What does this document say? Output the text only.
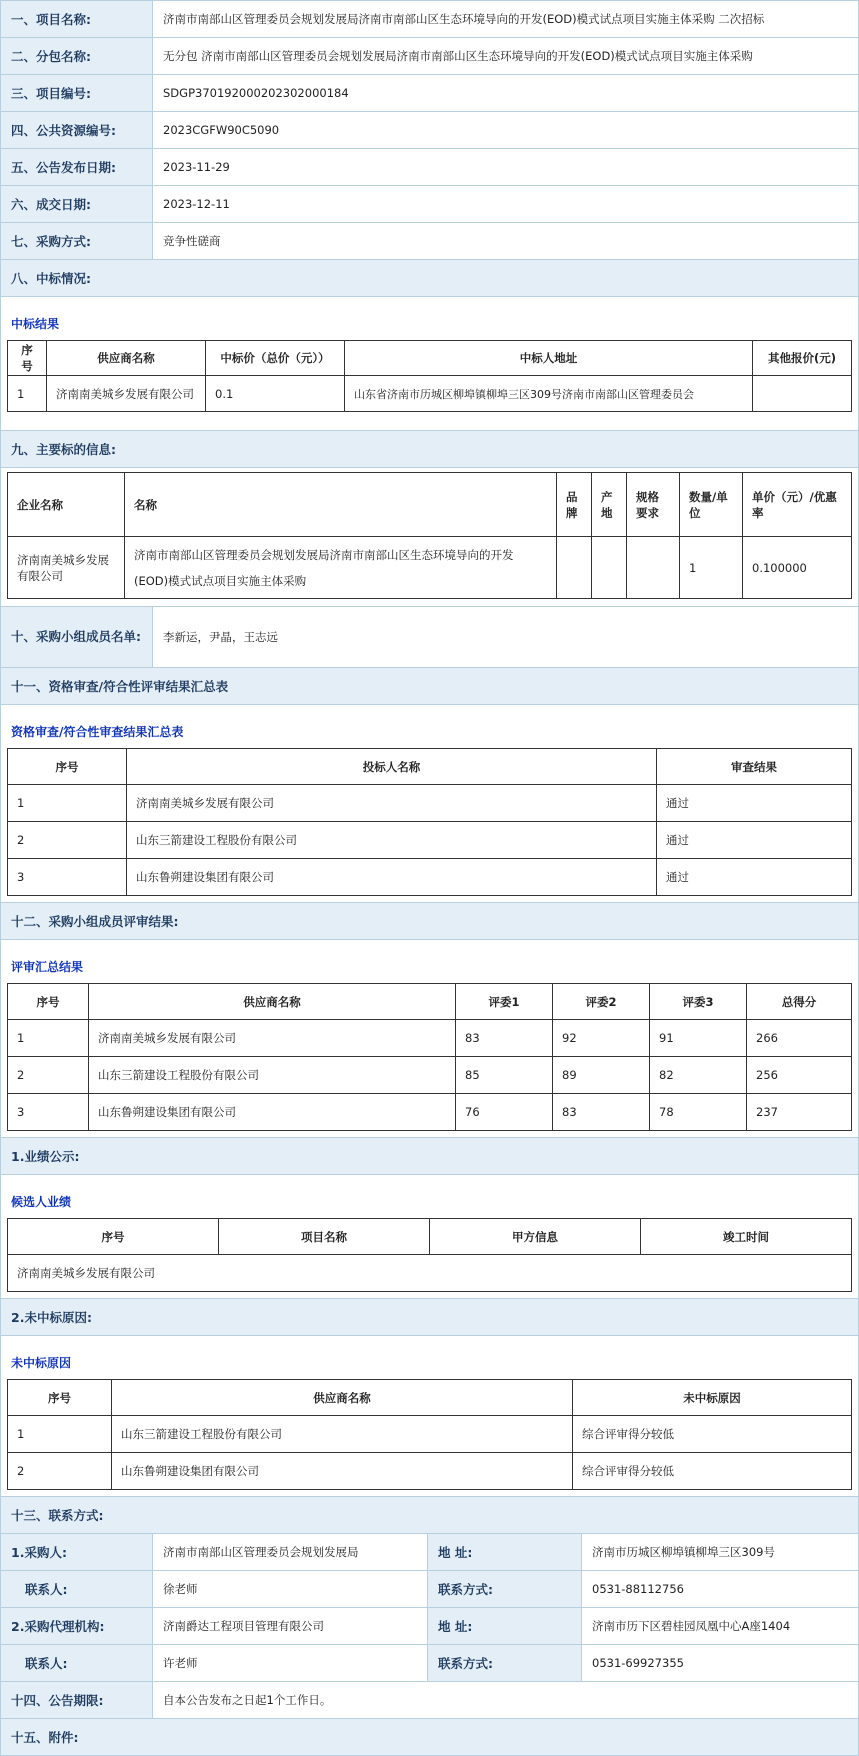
一、项目名称:	济南市南部山区管理委员会规划发展局济南市南部山区生态环境导向的开发(EOD)模式试点项目实施主体采购 二次招标
二、分包名称:	无分包 济南市南部山区管理委员会规划发展局济南市南部山区生态环境导向的开发(EOD)模式试点项目实施主体采购
三、项目编号:	SDGP370192000202302000184
四、公共资源编号:	2023CGFW90C5090
五、公告发布日期:	2023-11-29
六、成交日期:	2023-12-11
七、采购方式:	竞争性磋商
八、中标情况:
中标结果
序号	供应商名称	中标价（总价（元））	中标人地址	其他报价(元)
1	济南南美城乡发展有限公司	0.1	山东省济南市历城区柳埠镇柳埠三区309号济南市南部山区管理委员会	
九、主要标的信息:
企业名称	名称	品牌	产地	规格要求	数量/单位	单价（元）/优惠率
济南南美城乡发展有限公司	济南市南部山区管理委员会规划发展局济南市南部山区生态环境导向的开发(EOD)模式试点项目实施主体采购				1	0.100000
十、采购小组成员名单:	李新运，尹晶，王志远
十一、资格审查/符合性评审结果汇总表
资格审查/符合性审查结果汇总表
序号	投标人名称	审查结果
1	济南南美城乡发展有限公司	通过
2	山东三箭建设工程股份有限公司	通过
3	山东鲁朔建设集团有限公司	通过
十二、采购小组成员评审结果:
评审汇总结果
序号	供应商名称	评委1	评委2	评委3	总得分
1	济南南美城乡发展有限公司	83	92	91	266
2	山东三箭建设工程股份有限公司	85	89	82	256
3	山东鲁朔建设集团有限公司	76	83	78	237
1.业绩公示:
候选人业绩
序号	项目名称	甲方信息	竣工时间
济南南美城乡发展有限公司
2.未中标原因:
未中标原因
序号	供应商名称	未中标原因
1	山东三箭建设工程股份有限公司	综合评审得分较低
2	山东鲁朔建设集团有限公司	综合评审得分较低
十三、联系方式:
1.采购人:	济南市南部山区管理委员会规划发展局	地 址:	济南市历城区柳埠镇柳埠三区309号
联系人:	徐老师	联系方式:	0531-88112756
2.采购代理机构:	济南爵达工程项目管理有限公司	地 址:	济南市历下区碧桂园凤凰中心A座1404
联系人:	许老师	联系方式:	0531-69927355
十四、公告期限:	自本公告发布之日起1个工作日。
十五、附件:
